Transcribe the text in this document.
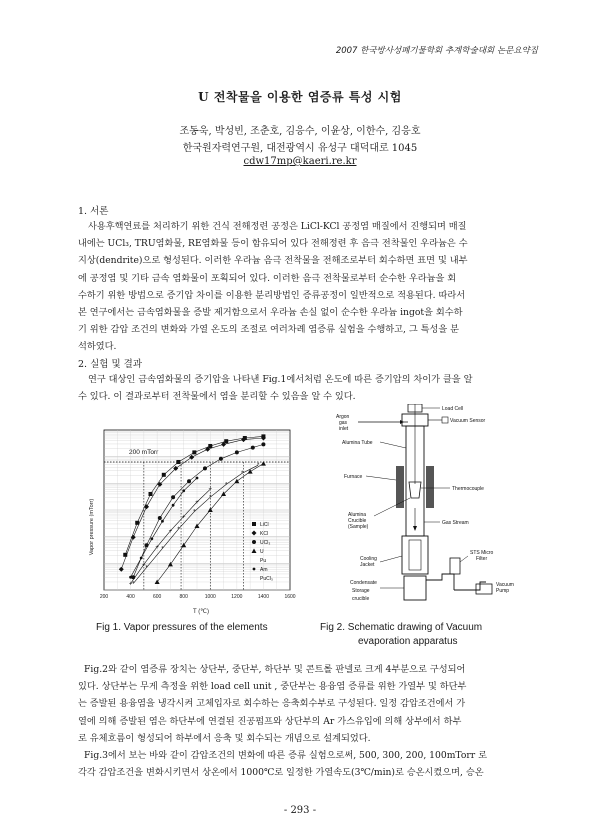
2007 한국방사성폐기물학회 추계학술대회 논문요약집
U 전착물을 이용한 염증류 특성 시험
조동욱, 박성빈, 조춘호, 김응수, 이윤상, 이한수, 김응호
한국원자력연구원, 대전광역시 유성구 대덕대로 1045
cdw17mp@kaeri.re.kr
1. 서론
사용후핵연료를 처리하기 위한 건식 전해정련 공정은 LiCl-KCl 공정염 매질에서 진행되며 매질
내에는 UCl₃, TRU염화물, RE염화물 등이 함유되어 있다 전해정련 후 음극 전착물인 우라늄은 수
지상(dendrite)으로 형성된다. 이러한 우라늄 음극 전착물을 전해조로부터 회수하면 표면 및 내부
에 공정염 및 기타 금속 염화물이 포획되어 있다. 이러한 음극 전착물로부터 순수한 우라늄을 회
수하기 위한 방법으로 증기압 차이를 이용한 분리방법인 증류공정이 일반적으로 적용된다. 따라서
본 연구에서는 금속염화물을 증발 제거함으로서 우라늄 손실 없이 순수한 우라늄 ingot을 회수하
기 위한 감압 조건의 변화와 가열 온도의 조절로 여러차례 염증류 실험을 수행하고, 그 특성을 분
석하였다.
2. 실험 및 결과
연구 대상인 금속염화물의 증기압을 나타낸 Fig.1에서처럼 온도에 따른 증기압의 차이가 클을 알
수 있다. 이 결과로부터 전착물에서 염을 분리할 수 있음을 알 수 있다.
Vapor pressure (mTorr)
T (℃)
200 mTorr
200	400	600	800	1000	1200	1400	1600
*
*
*
*
*
*
*
*
*
+
+
+
+
+
+
+
LiCl
KCl
UCl₃
U
Pu
Am
PuCl₃
Fig 1. Vapor pressures of the elements
Load Cell
Argon
gas
inlet
Vacuum Sensor
Alumina Tube
Furnace
Thermocouple
Alumina
Crucible
(Sample)
Gas Stream
Cooling
Jacket
Condensate
Storage
crucible
STS Micro
Filter
Vacuum
Pump
Fig 2. Schematic drawing of Vacuum
evaporation apparatus
Fig.2와 같이 염증류 장치는 상단부, 중단부, 하단부 및 콘트롤 판넬로 크게 4부분으로 구성되어
있다. 상단부는 무게 측정을 위한 load cell unit , 중단부는 용융염 증류를 위한 가열부 및 하단부
는 증발된 용융염을 냉각시켜 고체입자로 회수하는 응축회수부로 구성된다. 일정 감압조건에서 가
열에 의해 증발된 염은 하단부에 연결된 진공펌프와 상단부의 Ar 가스유입에 의해 상부에서 하부
로 유체흐름이 형성되어 하부에서 응축 및 회수되는 개념으로 설계되었다.
Fig.3에서 보는 바와 같이 감압조건의 변화에 따른 증류 실험으로써, 500, 300, 200, 100mTorr 로
각각 감압조건을 변화시키면서 상온에서 1000℃로 일정한 가열속도(3℃/min)로 승온시켰으며, 승온
- 293 -
